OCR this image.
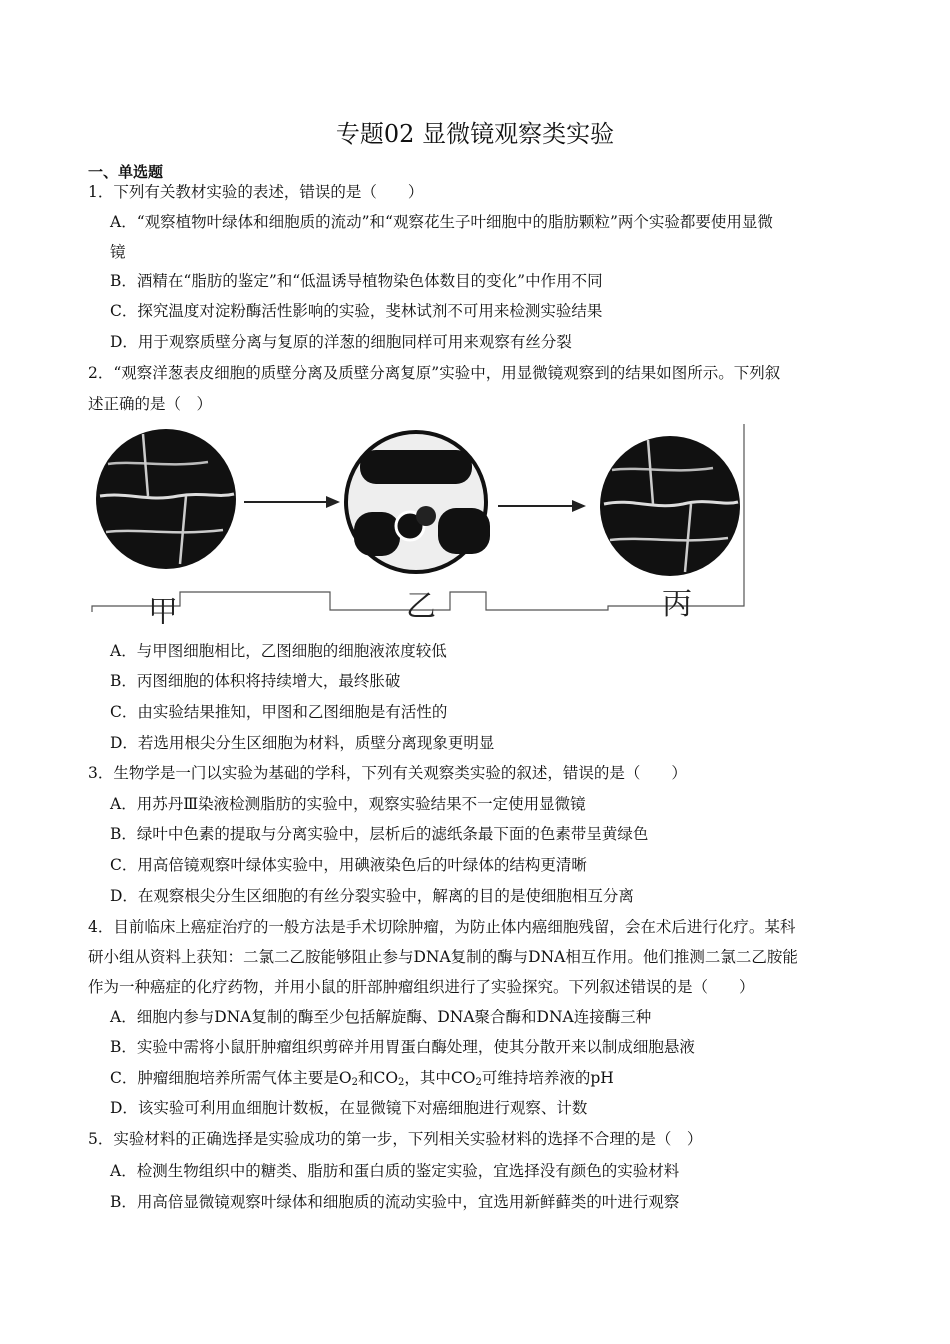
专题02 显微镜观察类实验
一、单选题
1．下列有关教材实验的表述，错误的是（　　）
A．“观察植物叶绿体和细胞质的流动”和“观察花生子叶细胞中的脂肪颗粒”两个实验都要使用显微
镜
B．酒精在“脂肪的鉴定”和“低温诱导植物染色体数目的变化”中作用不同
C．探究温度对淀粉酶活性影响的实验，斐林试剂不可用来检测实验结果
D．用于观察质壁分离与复原的洋葱的细胞同样可用来观察有丝分裂
2．“观察洋葱表皮细胞的质壁分离及质壁分离复原”实验中，用显微镜观察到的结果如图所示。下列叙
述正确的是（　）
甲	乙	丙
A．与甲图细胞相比，乙图细胞的细胞液浓度较低
B．丙图细胞的体积将持续增大，最终胀破
C．由实验结果推知，甲图和乙图细胞是有活性的
D．若选用根尖分生区细胞为材料，质壁分离现象更明显
3．生物学是一门以实验为基础的学科，下列有关观察类实验的叙述，错误的是（　　）
A．用苏丹Ⅲ染液检测脂肪的实验中，观察实验结果不一定使用显微镜
B．绿叶中色素的提取与分离实验中，层析后的滤纸条最下面的色素带呈黄绿色
C．用高倍镜观察叶绿体实验中，用碘液染色后的叶绿体的结构更清晰
D．在观察根尖分生区细胞的有丝分裂实验中，解离的目的是使细胞相互分离
4．目前临床上癌症治疗的一般方法是手术切除肿瘤，为防止体内癌细胞残留，会在术后进行化疗。某科
研小组从资料上获知：二氯二乙胺能够阻止参与DNA复制的酶与DNA相互作用。他们推测二氯二乙胺能
作为一种癌症的化疗药物，并用小鼠的肝部肿瘤组织进行了实验探究。下列叙述错误的是（　　）
A．细胞内参与DNA复制的酶至少包括解旋酶、DNA聚合酶和DNA连接酶三种
B．实验中需将小鼠肝肿瘤组织剪碎并用胃蛋白酶处理，使其分散开来以制成细胞悬液
C．肿瘤细胞培养所需气体主要是$O_2$和$CO_2$，其中$CO_2$可维持培养液的pH
D．该实验可利用血细胞计数板，在显微镜下对癌细胞进行观察、计数
5．实验材料的正确选择是实验成功的第一步，下列相关实验材料的选择不合理的是（　）
A．检测生物组织中的糖类、脂肪和蛋白质的鉴定实验，宜选择没有颜色的实验材料
B．用高倍显微镜观察叶绿体和细胞质的流动实验中，宜选用新鲜藓类的叶进行观察
